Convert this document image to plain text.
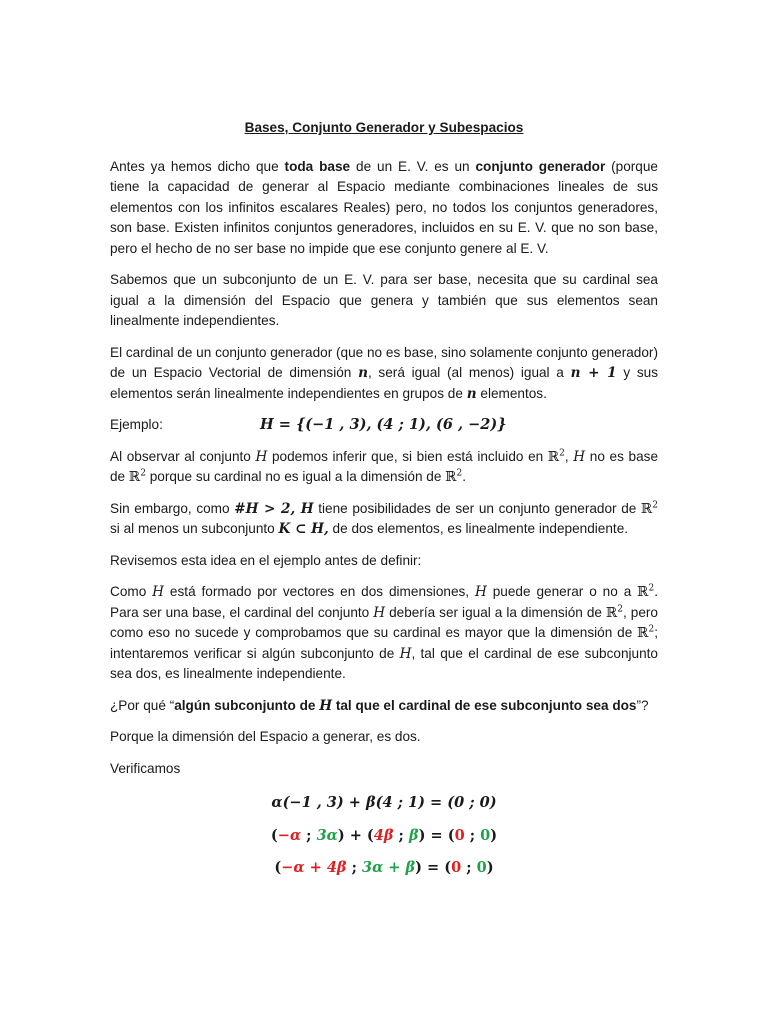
Bases, Conjunto Generador y Subespacios

Antes ya hemos dicho que toda base de un E. V. es un conjunto generador (porque tiene la capacidad de generar al Espacio mediante combinaciones lineales de sus elementos con los infinitos escalares Reales) pero, no todos los conjuntos generadores, son base. Existen infinitos conjuntos generadores, incluidos en su E. V. que no son base, pero el hecho de no ser base no impide que ese conjunto genere al E. V.

Sabemos que un subconjunto de un E. V. para ser base, necesita que su cardinal sea igual a la dimensión del Espacio que genera y también que sus elementos sean linealmente independientes.

El cardinal de un conjunto generador (que no es base, sino solamente conjunto generador) de un Espacio Vectorial de dimensión n, será igual (al menos) igual a n + 1 y sus elementos serán linealmente independientes en grupos de n elementos.

Ejemplo:	H = {(−1 , 3), (4 ; 1), (6 , −2)}

Al observar al conjunto H podemos inferir que, si bien está incluido en ℝ$^2$, H no es base de ℝ$^2$ porque su cardinal no es igual a la dimensión de ℝ$^2$.

Sin embargo, como #H > 2, H tiene posibilidades de ser un conjunto generador de ℝ$^2$ si al menos un subconjunto K ⊂ H, de dos elementos, es linealmente independiente.

Revisemos esta idea en el ejemplo antes de definir:

Como H está formado por vectores en dos dimensiones, H puede generar o no a ℝ$^2$. Para ser una base, el cardinal del conjunto H debería ser igual a la dimensión de ℝ$^2$, pero como eso no sucede y comprobamos que su cardinal es mayor que la dimensión de ℝ$^2$; intentaremos verificar si algún subconjunto de H, tal que el cardinal de ese subconjunto sea dos, es linealmente independiente.

¿Por qué “algún subconjunto de H tal que el cardinal de ese subconjunto sea dos”?

Porque la dimensión del Espacio a generar, es dos.

Verificamos

α(−1 , 3) + β(4 ; 1) = (0 ; 0)
(−α ; 3α) + (4β ; β) = (0 ; 0)
(−α + 4β ; 3α + β) = (0 ; 0)
